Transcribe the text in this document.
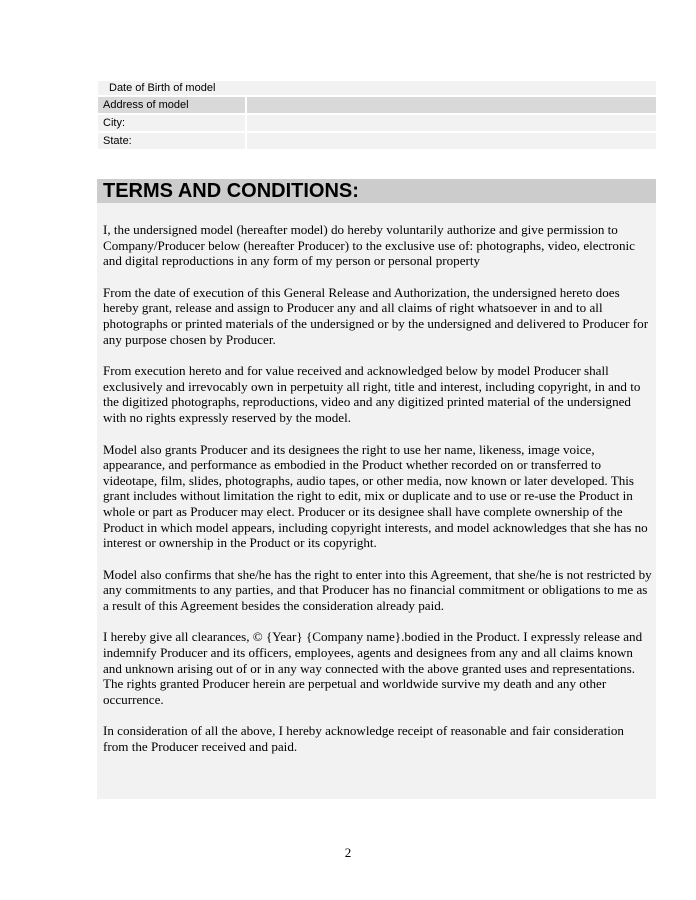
Date of Birth of model
Address of model
City:
State:
TERMS AND CONDITIONS:

I, the undersigned model (hereafter model) do hereby voluntarily authorize and give permission to Company/Producer below (hereafter Producer) to the exclusive use of: photographs, video, electronic and digital reproductions in any form of my person or personal property

From the date of execution of this General Release and Authorization, the undersigned hereto does hereby grant, release and assign to Producer any and all claims of right whatsoever in and to all photographs or printed materials of the undersigned or by the undersigned and delivered to Producer for any purpose chosen by Producer.

From execution hereto and for value received and acknowledged below by model Producer shall exclusively and irrevocably own in perpetuity all right, title and interest, including copyright, in and to the digitized photographs, reproductions, video and any digitized printed material of the undersigned with no rights expressly reserved by the model.

Model also grants Producer and its designees the right to use her name, likeness, image voice, appearance, and performance as embodied in the Product whether recorded on or transferred to videotape, film, slides, photographs, audio tapes, or other media, now known or later developed. This grant includes without limitation the right to edit, mix or duplicate and to use or re-use the Product in whole or part as Producer may elect. Producer or its designee shall have complete ownership of the Product in which model appears, including copyright interests, and model acknowledges that she has no interest or ownership in the Product or its copyright.

Model also confirms that she/he has the right to enter into this Agreement, that she/he is not restricted by any commitments to any parties, and that Producer has no financial commitment or obligations to me as a result of this Agreement besides the consideration already paid.

I hereby give all clearances, © {Year} {Company name}.bodied in the Product. I expressly release and indemnify Producer and its officers, employees, agents and designees from any and all claims known and unknown arising out of or in any way connected with the above granted uses and representations. The rights granted Producer herein are perpetual and worldwide survive my death and any other occurrence.

In consideration of all the above, I hereby acknowledge receipt of reasonable and fair consideration from the Producer received and paid.

2
